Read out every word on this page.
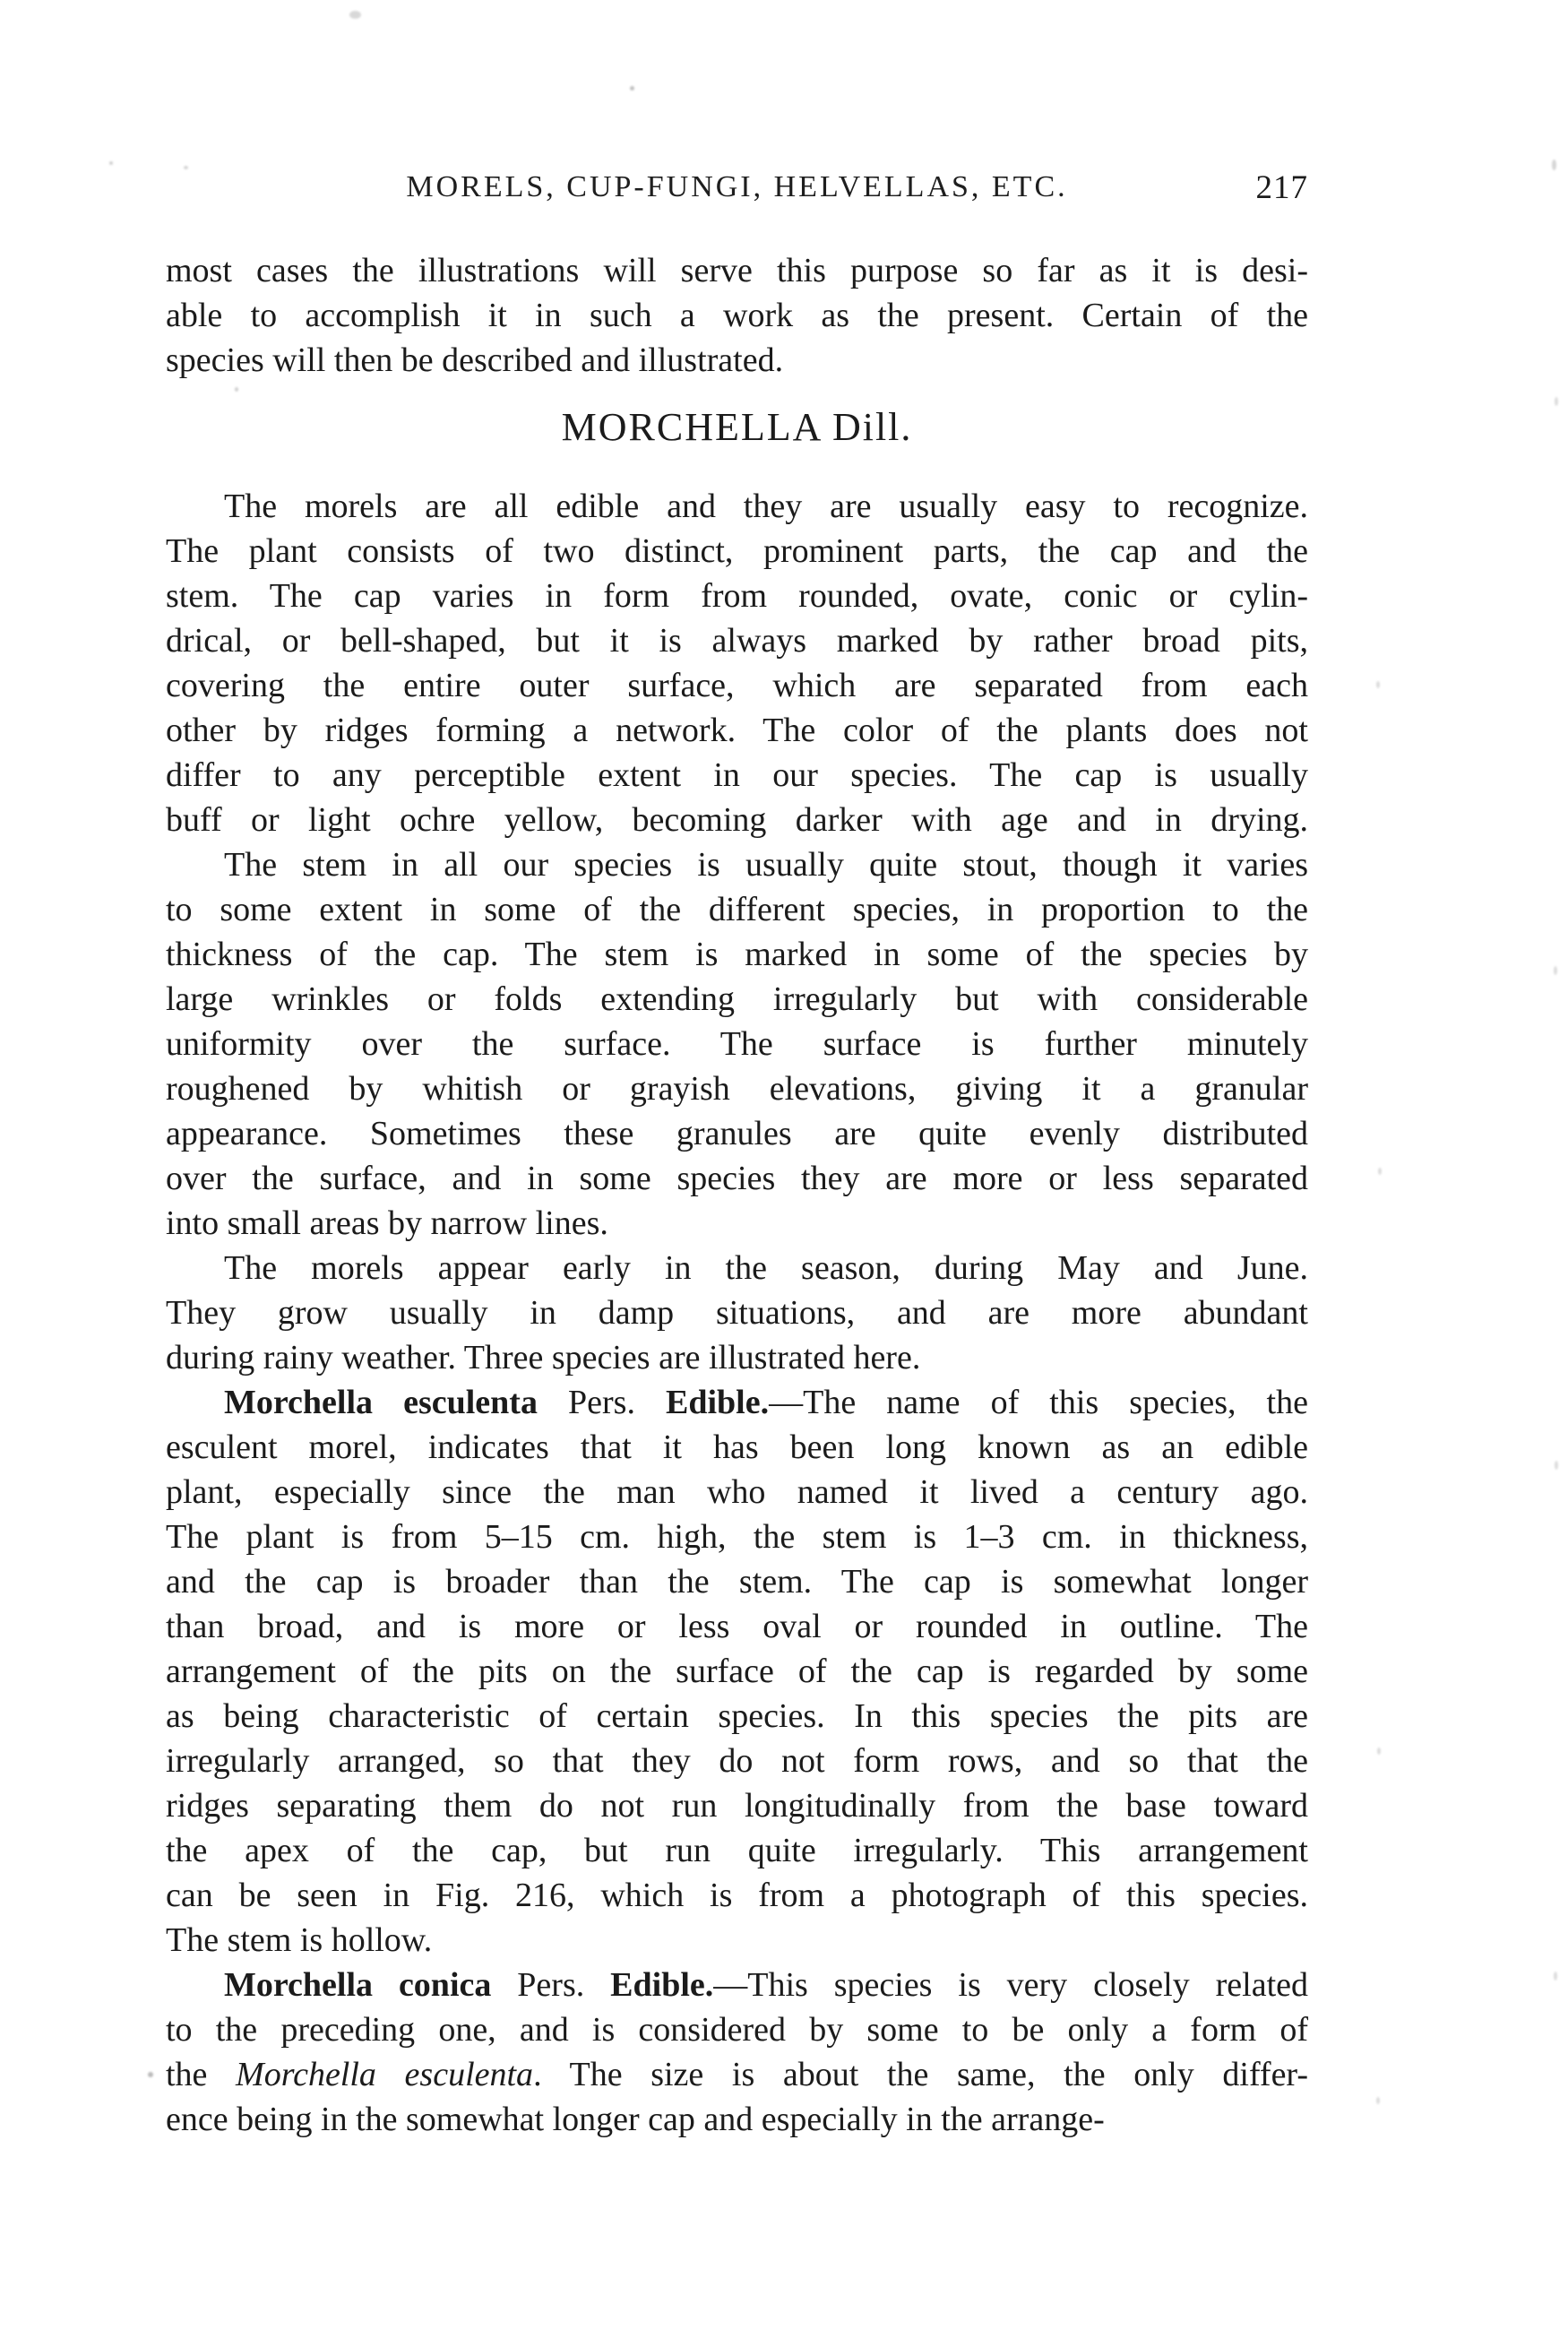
MORELS, CUP-FUNGI, HELVELLAS, ETC.	217
most cases the illustrations will serve this purpose so far as it is desi-
able to accomplish it in such a work as the present. Certain of the
species will then be described and illustrated.
MORCHELLA Dill.
The morels are all edible and they are usually easy to recognize.
The plant consists of two distinct, prominent parts, the cap and the
stem. The cap varies in form from rounded, ovate, conic or cylin-
drical, or bell-shaped, but it is always marked by rather broad pits,
covering the entire outer surface, which are separated from each
other by ridges forming a network. The color of the plants does not
differ to any perceptible extent in our species. The cap is usually
buff or light ochre yellow, becoming darker with age and in drying.
The stem in all our species is usually quite stout, though it varies
to some extent in some of the different species, in proportion to the
thickness of the cap. The stem is marked in some of the species by
large wrinkles or folds extending irregularly but with considerable
uniformity over the surface. The surface is further minutely
roughened by whitish or grayish elevations, giving it a granular
appearance. Sometimes these granules are quite evenly distributed
over the surface, and in some species they are more or less separated
into small areas by narrow lines.
The morels appear early in the season, during May and June.
They grow usually in damp situations, and are more abundant
during rainy weather. Three species are illustrated here.
Morchella esculenta Pers. Edible.—The name of this species, the
esculent morel, indicates that it has been long known as an edible
plant, especially since the man who named it lived a century ago.
The plant is from 5–15 cm. high, the stem is 1–3 cm. in thickness,
and the cap is broader than the stem. The cap is somewhat longer
than broad, and is more or less oval or rounded in outline. The
arrangement of the pits on the surface of the cap is regarded by some
as being characteristic of certain species. In this species the pits are
irregularly arranged, so that they do not form rows, and so that the
ridges separating them do not run longitudinally from the base toward
the apex of the cap, but run quite irregularly. This arrangement
can be seen in Fig. 216, which is from a photograph of this species.
The stem is hollow.
Morchella conica Pers. Edible.—This species is very closely related
to the preceding one, and is considered by some to be only a form of
the Morchella esculenta. The size is about the same, the only differ-
ence being in the somewhat longer cap and especially in the arrange-
